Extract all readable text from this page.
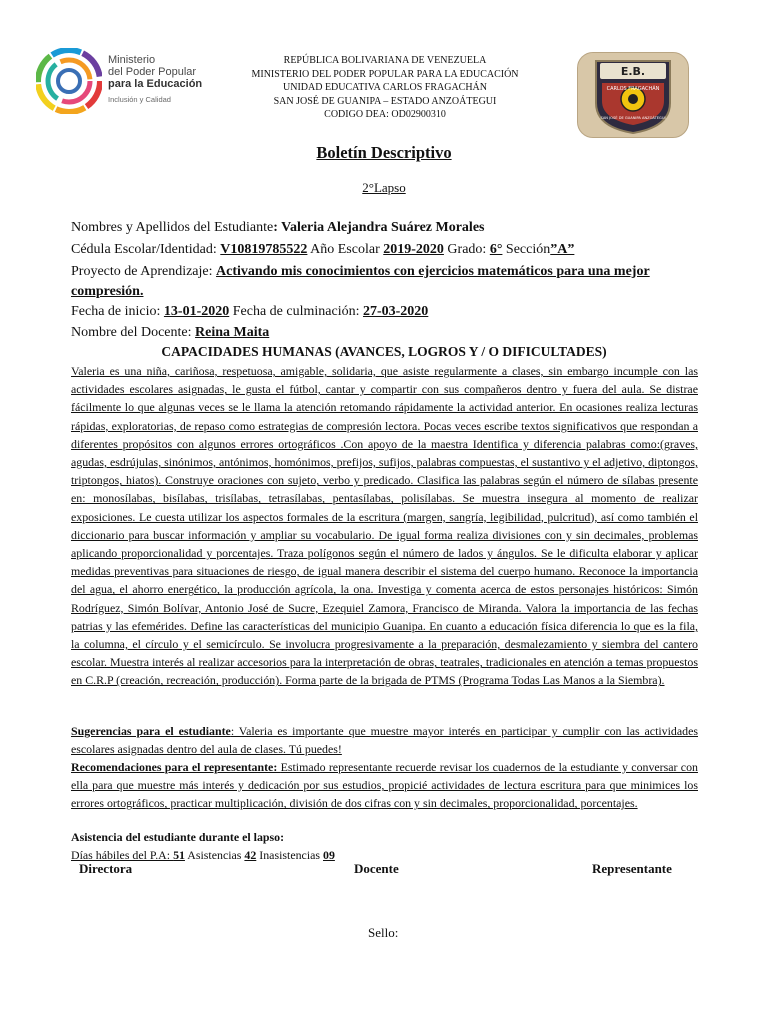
Ministerio
del Poder Popular
para la Educación
Inclusión y Calidad
REPÚBLICA BOLIVARIANA DE VENEZUELA
MINISTERIO DEL PODER POPULAR PARA LA EDUCACIÓN
UNIDAD EDUCATIVA CARLOS FRAGACHÁN
SAN JOSÉ DE GUANIPA – ESTADO ANZOÁTEGUI
CODIGO DEA: OD02900310
E.B.
CARLOS FRAGACHÁN
SAN JOSÉ DE GUANIPA ANZOÁTEGUI
Boletín Descriptivo
2°Lapso
Nombres y Apellidos del Estudiante: Valeria Alejandra Suárez Morales
Cédula Escolar/Identidad: V10819785522 Año Escolar 2019-2020 Grado: 6° Sección”A”
Proyecto de Aprendizaje: Activando mis conocimientos con ejercicios matemáticos para una mejor
compresión.
Fecha de inicio: 13-01-2020 Fecha de culminación: 27-03-2020
Nombre del Docente: Reina Maita
CAPACIDADES HUMANAS (AVANCES, LOGROS Y / O DIFICULTADES)
Valeria es una niña, cariñosa, respetuosa, amigable, solidaria, que asiste regularmente a clases, sin embargo incumple con las actividades escolares asignadas, le gusta el fútbol, cantar y compartir con sus compañeros dentro y fuera del aula. Se distrae fácilmente lo que algunas veces se le llama la atención retomando rápidamente la actividad anterior. En ocasiones realiza lecturas rápidas, exploratorias, de repaso como estrategias de compresión lectora. Pocas veces escribe textos significativos que respondan a diferentes propósitos con algunos errores ortográficos .Con apoyo de la maestra Identifica y diferencia palabras como:(graves, agudas, esdrújulas, sinónimos, antónimos, homónimos, prefijos, sufijos, palabras compuestas, el sustantivo y el adjetivo, diptongos, triptongos, hiatos). Construye oraciones con sujeto, verbo y predicado. Clasifica las palabras según el número de sílabas presente en: monosílabas, bisílabas, trisílabas, tetrasílabas, pentasílabas, polisílabas. Se muestra insegura al momento de realizar exposiciones. Le cuesta utilizar los aspectos formales de la escritura (margen, sangría, legibilidad, pulcritud), así como también el diccionario para buscar información y ampliar su vocabulario. De igual forma realiza divisiones con y sin decimales, problemas aplicando proporcionalidad y porcentajes. Traza polígonos según el número de lados y ángulos. Se le dificulta elaborar y aplicar medidas preventivas para situaciones de riesgo, de igual manera describir el sistema del cuerpo humano. Reconoce la importancia del agua, el ahorro energético, la producción agrícola, la ona. Investiga y comenta acerca de estos personajes históricos: Simón Rodríguez, Simón Bolívar, Antonio José de Sucre, Ezequiel Zamora, Francisco de Miranda. Valora la importancia de las fechas patrias y las efemérides. Define las características del municipio Guanipa. En cuanto a educación física diferencia lo que es la fila, la columna, el círculo y el semicírculo. Se involucra progresivamente a la preparación, desmalezamiento y siembra del cantero escolar. Muestra interés al realizar accesorios para la interpretación de obras, teatrales, tradicionales en atención a temas propuestos en C.R.P (creación, recreación, producción). Forma parte de la brigada de PTMS (Programa Todas Las Manos a la Siembra).
Sugerencias para el estudiante: Valeria es importante que muestre mayor interés en participar y cumplir con las actividades escolares asignadas dentro del aula de clases. Tú puedes!
Recomendaciones para el representante: Estimado representante recuerde revisar los cuadernos de la estudiante y conversar con ella para que muestre más interés y dedicación por sus estudios, propicié actividades de lectura escritura para que minimices los errores ortográficos, practicar multiplicación, división de dos cifras con y sin decimales, proporcionalidad, porcentajes.
Asistencia del estudiante durante el lapso:
Días hábiles del P.A: 51 Asistencias 42 Inasistencias 09
Directora	Docente	Representante
Sello:
